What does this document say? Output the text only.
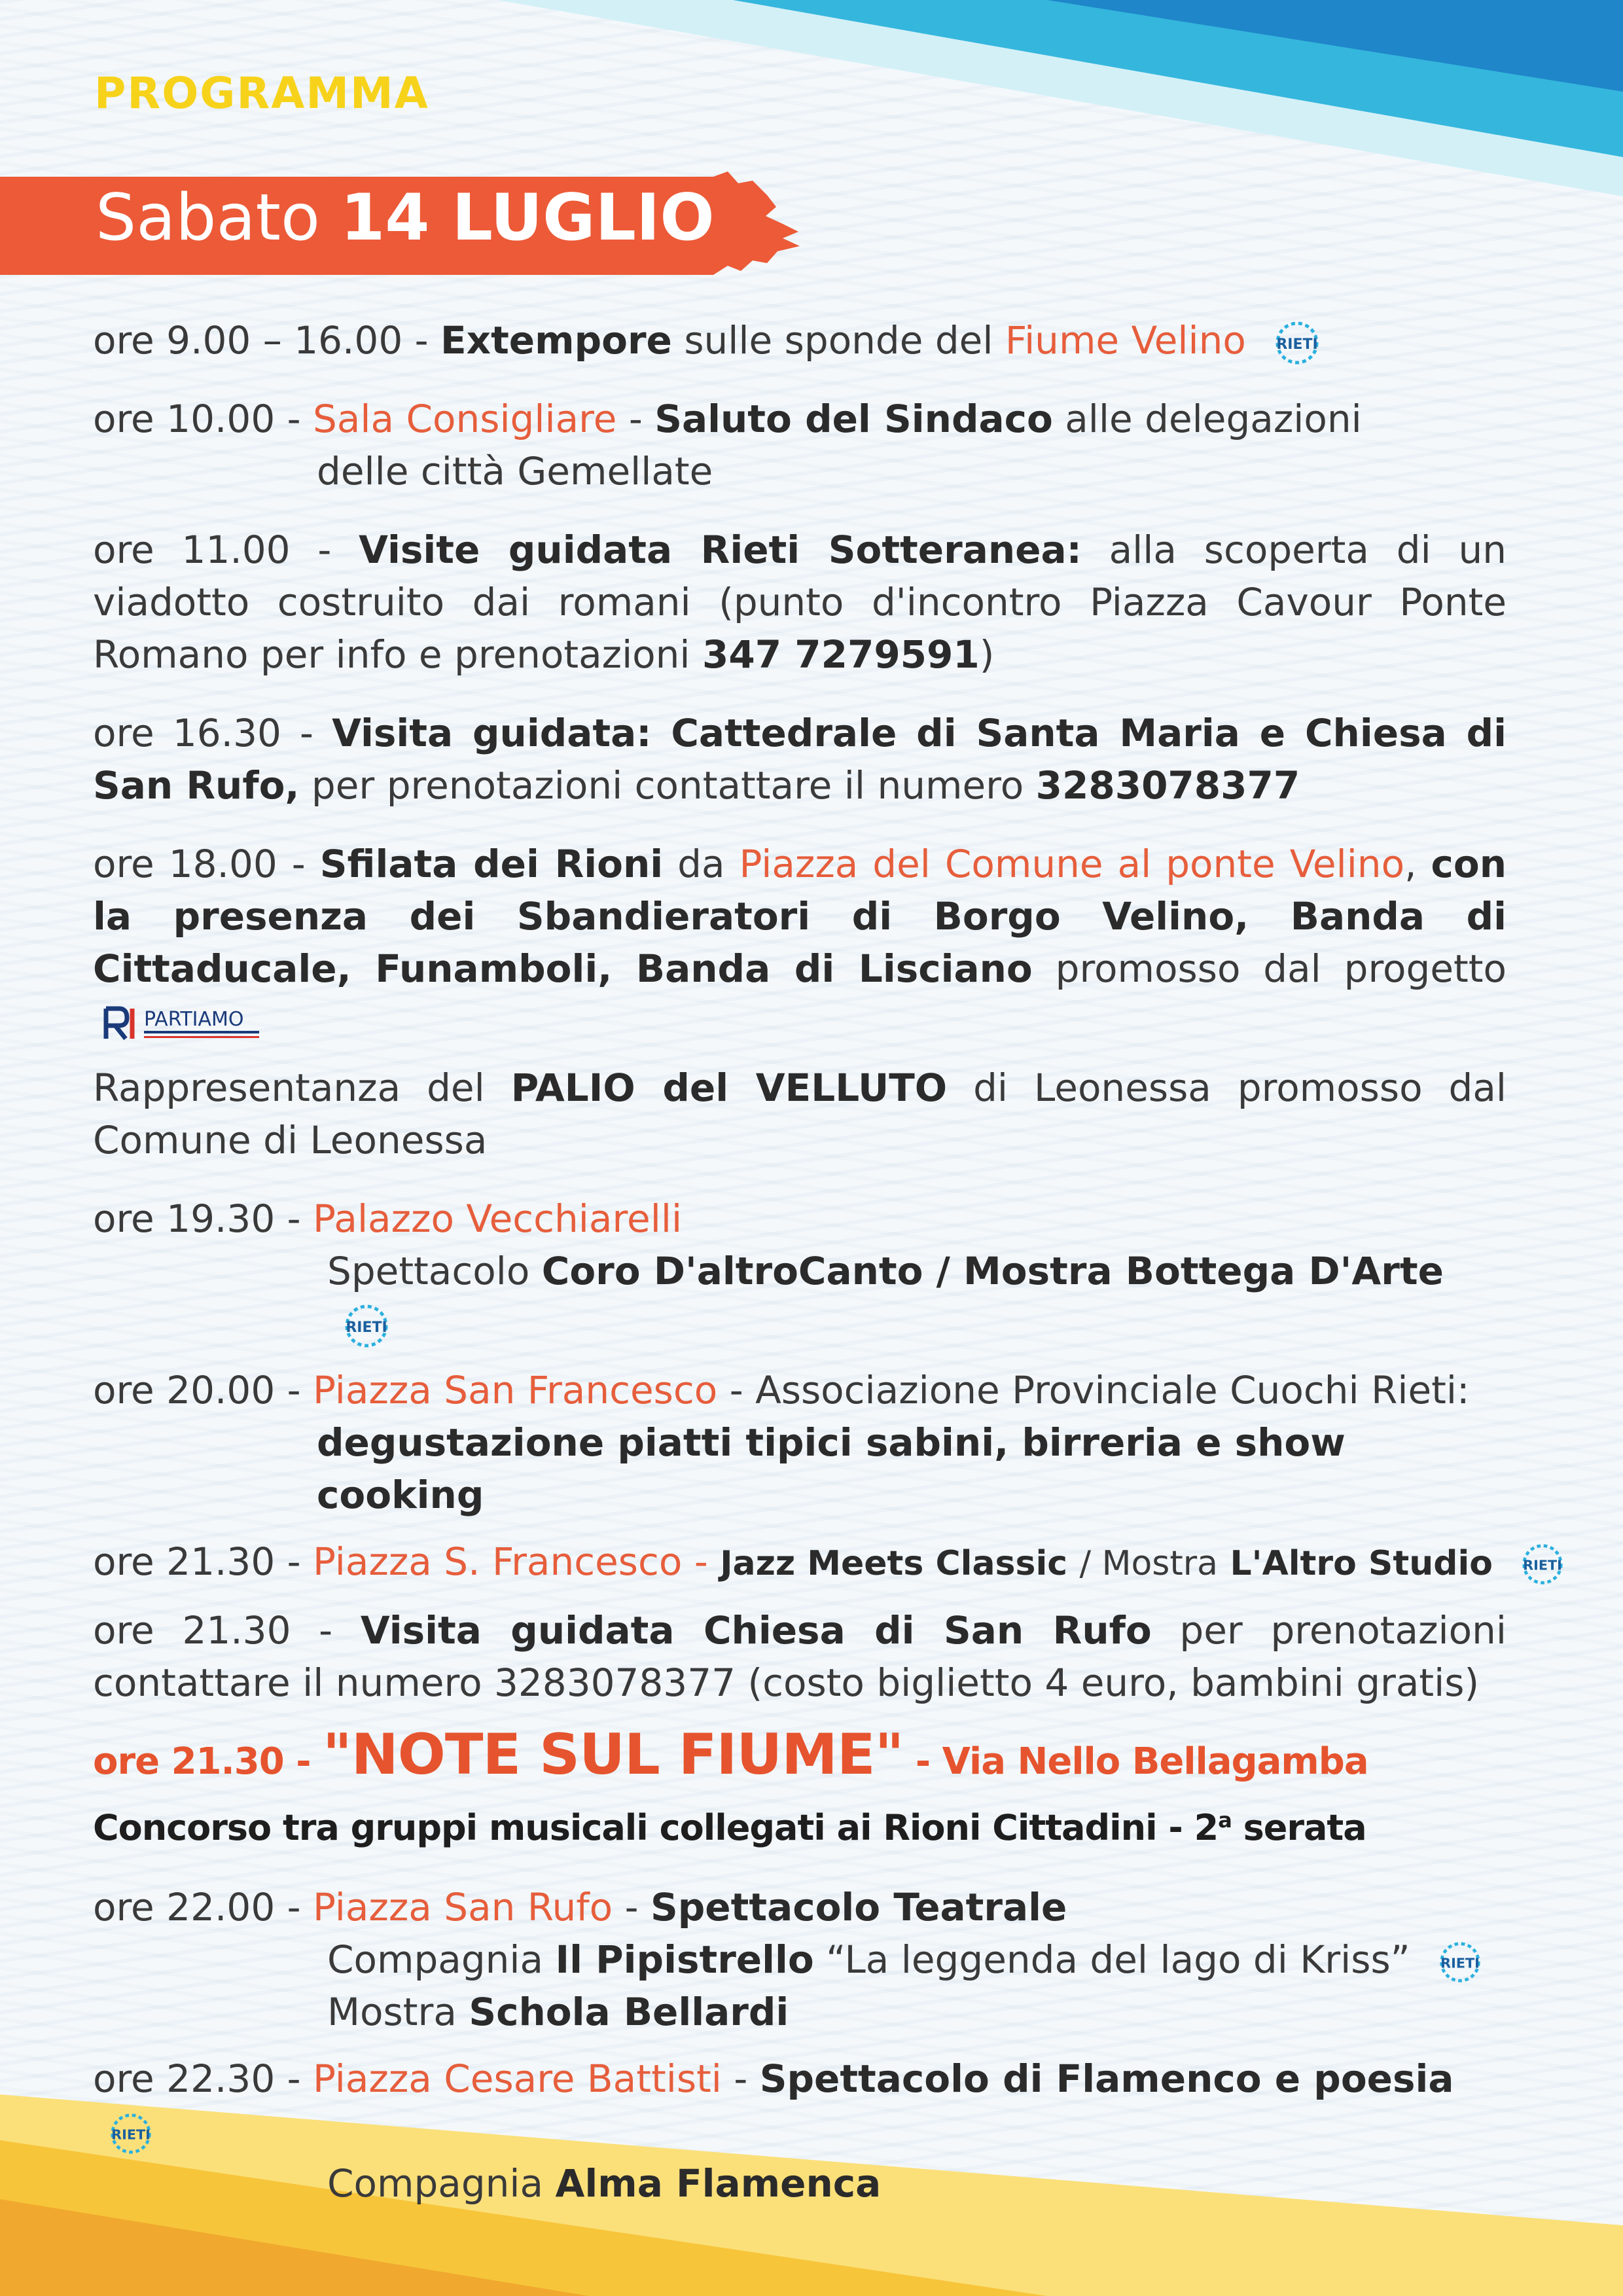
PROGRAMMA
Sabato 14 LUGLIO
ore 9.00 – 16.00 - Extempore sulle sponde del Fiume Velino RIETI
ore 10.00 - Sala Consigliare - Saluto del Sindaco alle delegazioni
delle città Gemellate
ore 11.00 - Visite guidata Rieti Sotteranea: alla scoperta di un viadotto costruito dai romani (punto d'incontro Piazza Cavour Ponte Romano per info e prenotazioni 347 7279591)
ore 16.30 - Visita guidata: Cattedrale di Santa Maria e Chiesa di San Rufo, per prenotazioni contattare il numero 3283078377
ore 18.00 - Sfilata dei Rioni da Piazza del Comune al ponte Velino, con la presenza dei Sbandieratori di Borgo Velino, Banda di Cittaducale, Funamboli, Banda di Lisciano promosso dal progetto
PARTIAMO
Rappresentanza del PALIO del VELLUTO di Leonessa promosso dal Comune di Leonessa
ore 19.30 - Palazzo Vecchiarelli
Spettacolo Coro D'altroCanto / Mostra Bottega D'Arte
RIETI
ore 20.00 - Piazza San Francesco - Associazione Provinciale Cuochi Rieti:
degustazione piatti tipici sabini, birreria e show cooking
ore 21.30 - Piazza S. Francesco - Jazz Meets Classic / Mostra L'Altro Studio RIETI
ore 21.30 - Visita guidata Chiesa di San Rufo per prenotazioni contattare il numero 3283078377 (costo biglietto 4 euro, bambini gratis)
ore 21.30 - "NOTE SUL FIUME" - Via Nello Bellagamba
Concorso tra gruppi musicali collegati ai Rioni Cittadini - 2$^a$ serata
ore 22.00 - Piazza San Rufo - Spettacolo Teatrale
Compagnia Il Pipistrello “La leggenda del lago di Kriss” RIETI
Mostra Schola Bellardi
ore 22.30 - Piazza Cesare Battisti - Spettacolo di Flamenco e poesia
RIETI
Compagnia Alma Flamenca
